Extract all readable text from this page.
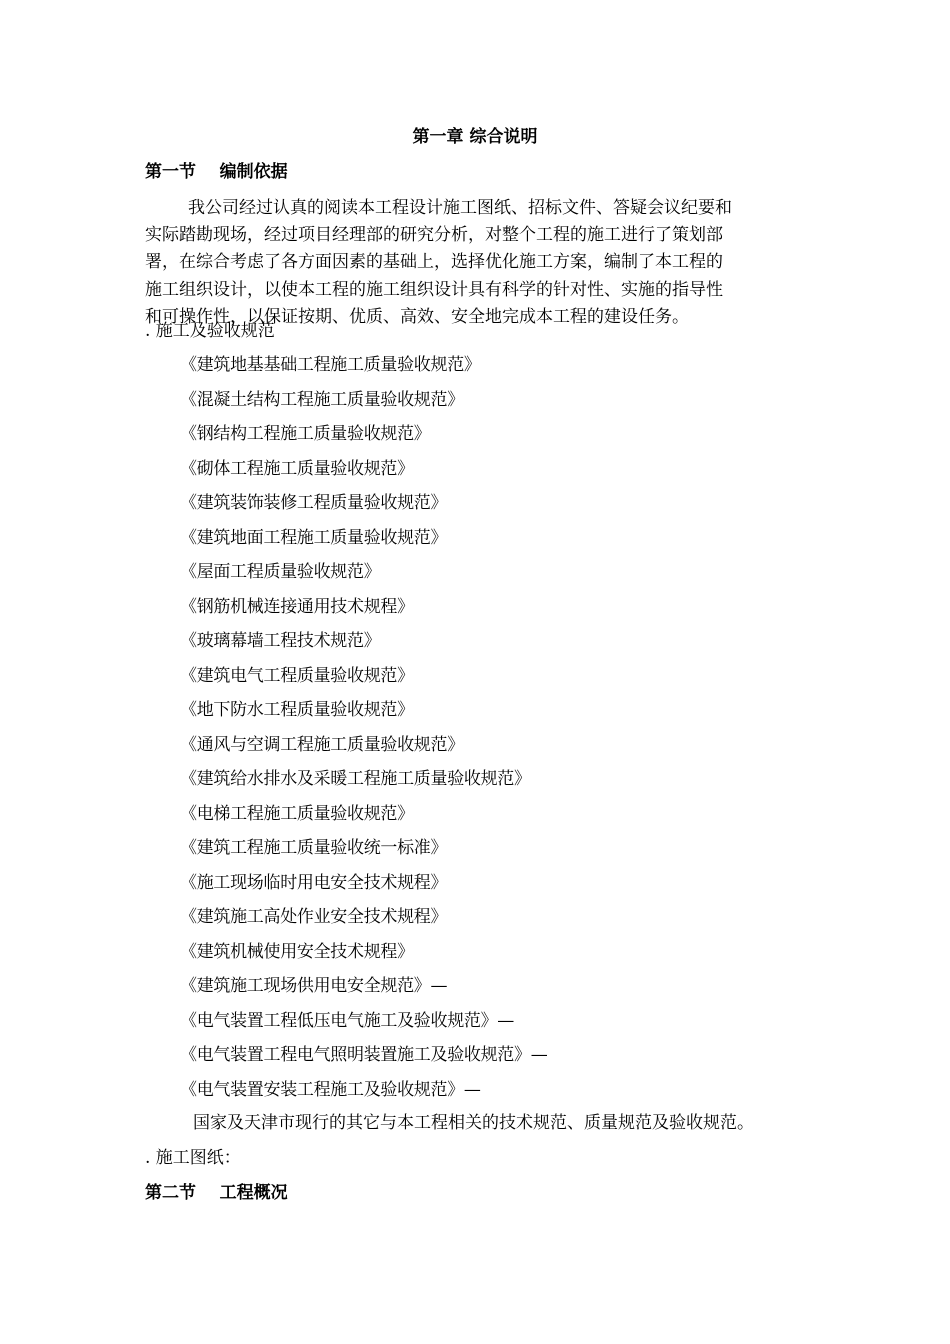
第一章 综合说明
第一节    编制依据

我公司经过认真的阅读本工程设计施工图纸、招标文件、答疑会议纪要和
实际踏勘现场，经过项目经理部的研究分析，对整个工程的施工进行了策划部
署，在综合考虑了各方面因素的基础上，选择优化施工方案，编制了本工程的
施工组织设计，以使本工程的施工组织设计具有科学的针对性、实施的指导性
和可操作性，以保证按期、优质、高效、安全地完成本工程的建设任务。

. 施工及验收规范
《建筑地基基础工程施工质量验收规范》
《混凝土结构工程施工质量验收规范》
《钢结构工程施工质量验收规范》
《砌体工程施工质量验收规范》
《建筑装饰装修工程质量验收规范》
《建筑地面工程施工质量验收规范》
《屋面工程质量验收规范》
《钢筋机械连接通用技术规程》
《玻璃幕墙工程技术规范》
《建筑电气工程质量验收规范》
《地下防水工程质量验收规范》
《通风与空调工程施工质量验收规范》
《建筑给水排水及采暖工程施工质量验收规范》
《电梯工程施工质量验收规范》
《建筑工程施工质量验收统一标准》
《施工现场临时用电安全技术规程》
《建筑施工高处作业安全技术规程》
《建筑机械使用安全技术规程》
《建筑施工现场供用电安全规范》—
《电气装置工程低压电气施工及验收规范》—
《电气装置工程电气照明装置施工及验收规范》—
《电气装置安装工程施工及验收规范》—
国家及天津市现行的其它与本工程相关的技术规范、质量规范及验收规范。
. 施工图纸：
第二节    工程概况
